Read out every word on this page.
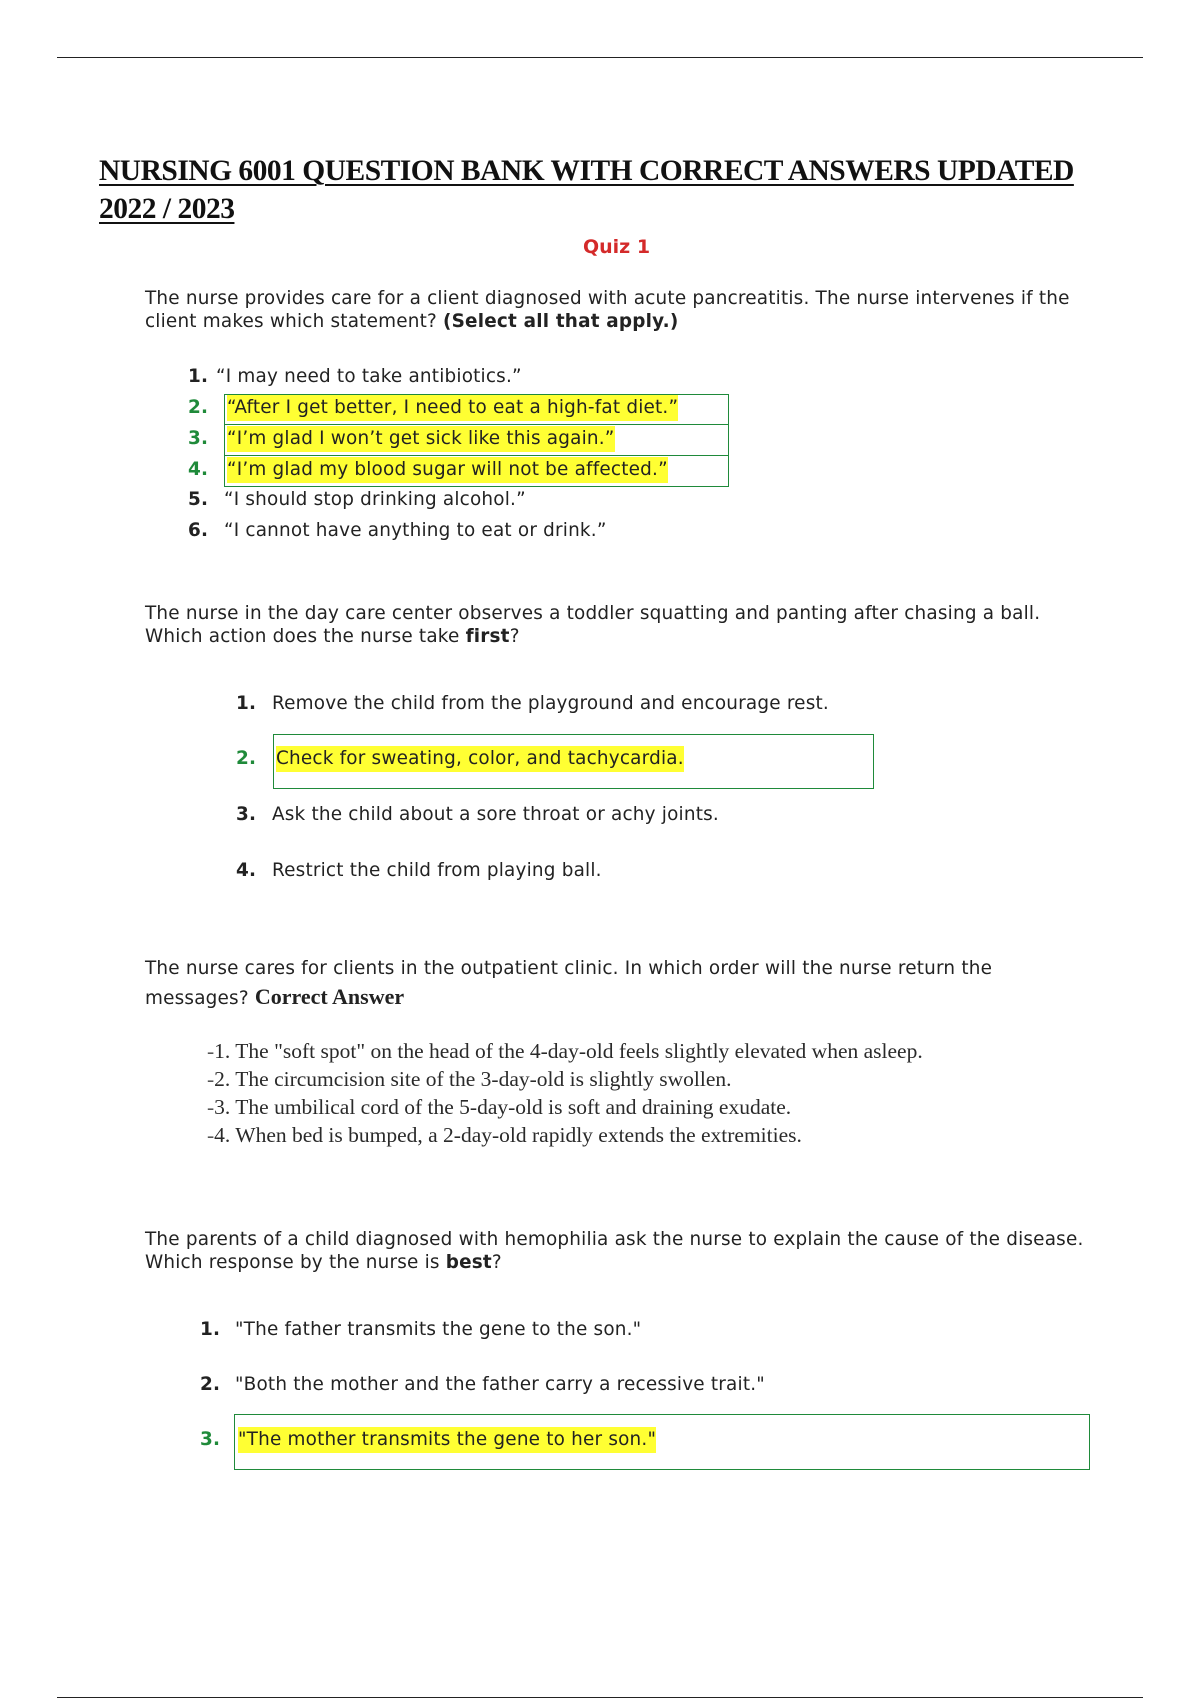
NURSING 6001 QUESTION BANK WITH CORRECT ANSWERS UPDATED
2022 / 2023
Quiz 1

The nurse provides care for a client diagnosed with acute pancreatitis. The nurse intervenes if the client makes which statement? (Select all that apply.)

1. “I may need to take antibiotics.”
2. “After I get better, I need to eat a high-fat diet.”
3. “I’m glad I won’t get sick like this again.”
4. “I’m glad my blood sugar will not be affected.”
5. “I should stop drinking alcohol.”
6. “I cannot have anything to eat or drink.”

The nurse in the day care center observes a toddler squatting and panting after chasing a ball. Which action does the nurse take first?

1. Remove the child from the playground and encourage rest.
2. Check for sweating, color, and tachycardia.
3. Ask the child about a sore throat or achy joints.
4. Restrict the child from playing ball.

The nurse cares for clients in the outpatient clinic. In which order will the nurse return the messages? Correct Answer

-1. The "soft spot" on the head of the 4-day-old feels slightly elevated when asleep.
-2. The circumcision site of the 3-day-old is slightly swollen.
-3. The umbilical cord of the 5-day-old is soft and draining exudate.
-4. When bed is bumped, a 2-day-old rapidly extends the extremities.

The parents of a child diagnosed with hemophilia ask the nurse to explain the cause of the disease. Which response by the nurse is best?

1. "The father transmits the gene to the son."
2. "Both the mother and the father carry a recessive trait."
3. "The mother transmits the gene to her son."
